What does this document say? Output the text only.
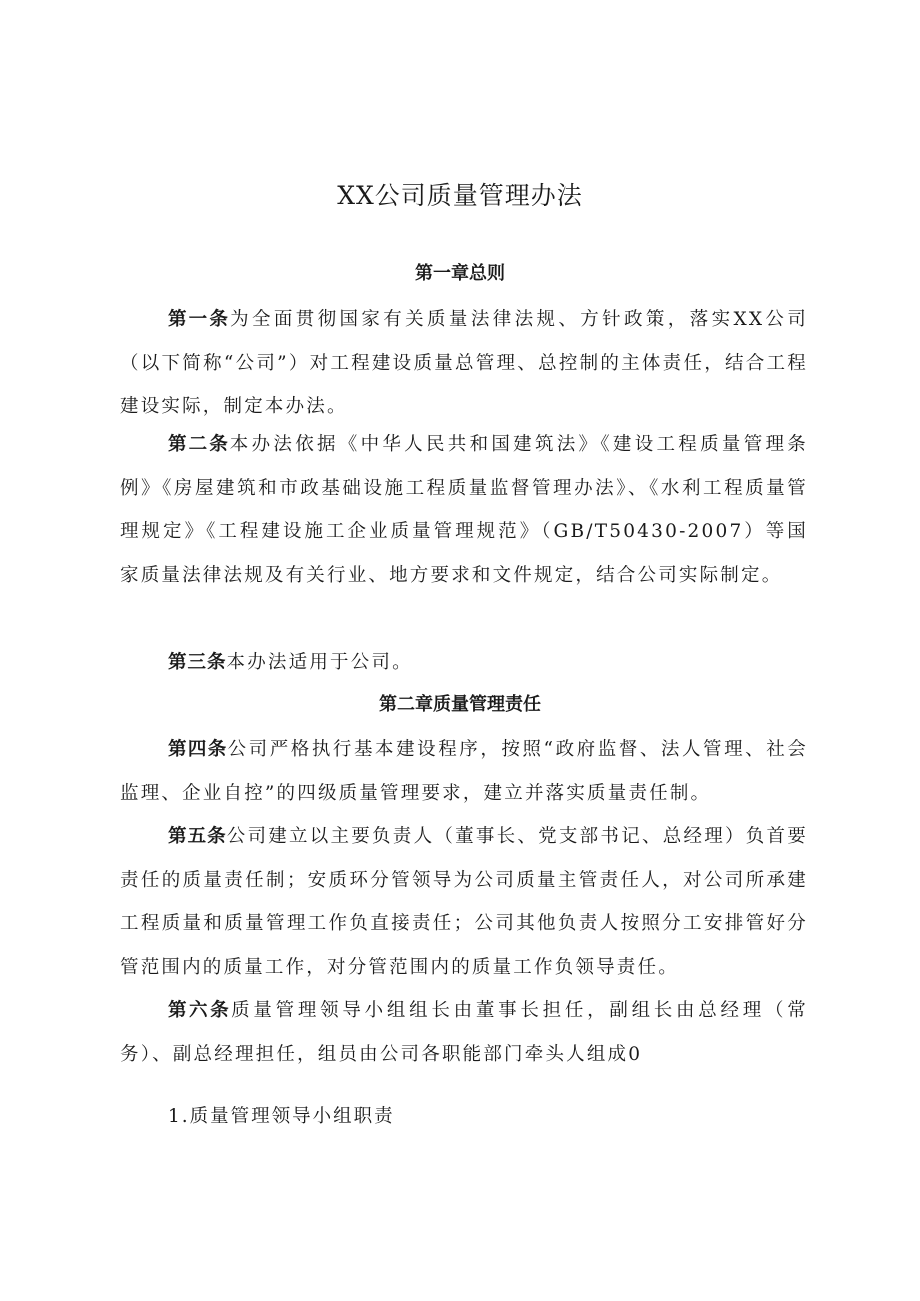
XX公司质量管理办法
第一章总则

第一条为全面贯彻国家有关质量法律法规、方针政策，落实XX公司（以下简称“公司”）对工程建设质量总管理、总控制的主体责任，结合工程建设实际，制定本办法。

第二条本办法依据《中华人民共和国建筑法》《建设工程质量管理条例》《房屋建筑和市政基础设施工程质量监督管理办法》、《水利工程质量管理规定》《工程建设施工企业质量管理规范》（GB/T50430-2007）等国家质量法律法规及有关行业、地方要求和文件规定，结合公司实际制定。

第三条本办法适用于公司。

第二章质量管理责任

第四条公司严格执行基本建设程序，按照“政府监督、法人管理、社会监理、企业自控”的四级质量管理要求，建立并落实质量责任制。

第五条公司建立以主要负责人（董事长、党支部书记、总经理）负首要责任的质量责任制；安质环分管领导为公司质量主管责任人，对公司所承建工程质量和质量管理工作负直接责任；公司其他负责人按照分工安排管好分管范围内的质量工作，对分管范围内的质量工作负领导责任。

第六条质量管理领导小组组长由董事长担任，副组长由总经理（常务）、副总经理担任，组员由公司各职能部门牵头人组成0

1.质量管理领导小组职责
